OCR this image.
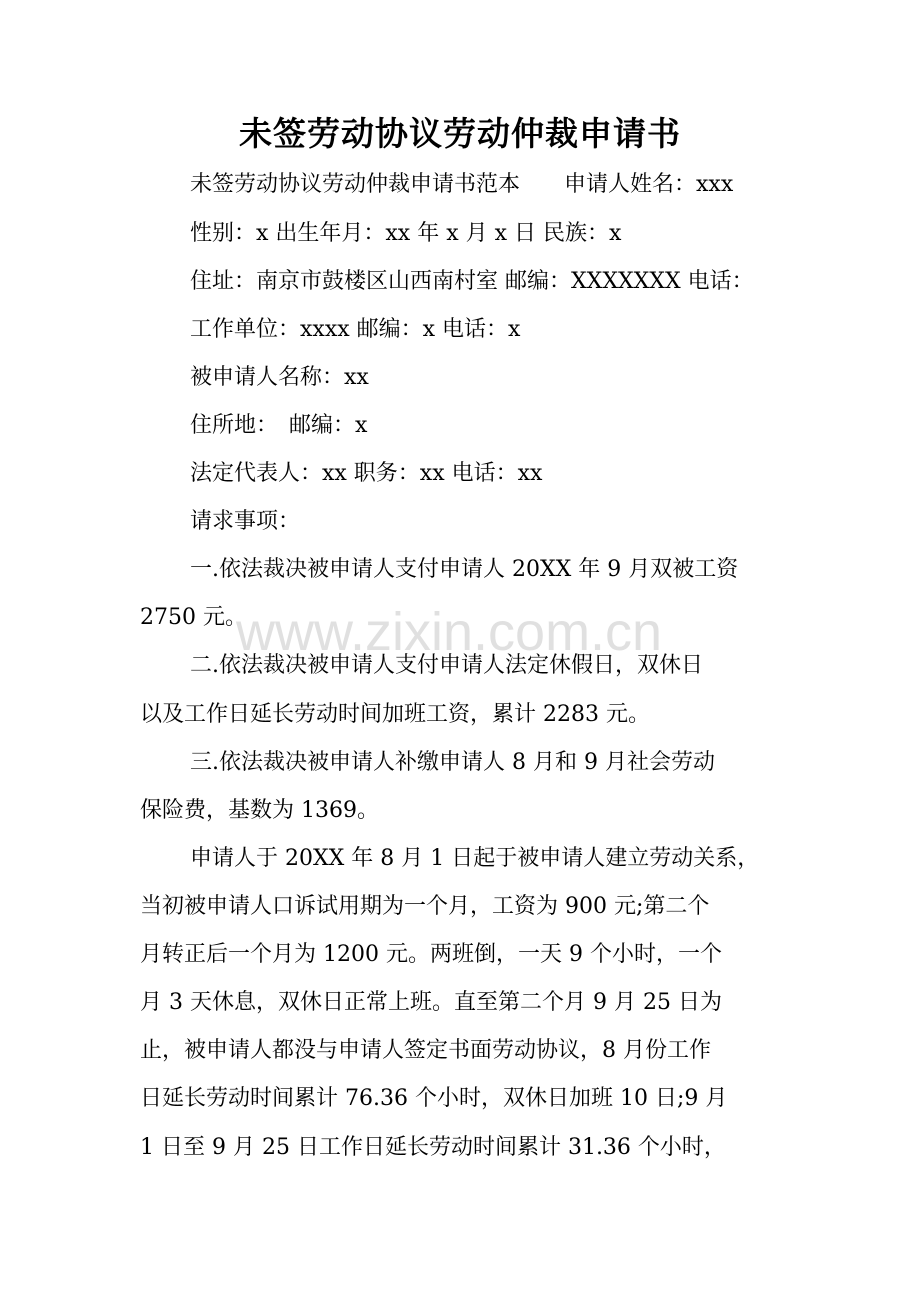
未签劳动协议劳动仲裁申请书
未签劳动协议劳动仲裁申请书范本　　申请人姓名：xxx
性别：x 出生年月：xx 年 x 月 x 日 民族：x
住址：南京市鼓楼区山西南村室 邮编：XXXXXXX 电话：
工作单位：xxxx 邮编：x 电话：x
被申请人名称：xx
住所地：　邮编：x
法定代表人：xx 职务：xx 电话：xx
请求事项：
一.依法裁决被申请人支付申请人 20XX 年 9 月双被工资
2750 元。
二.依法裁决被申请人支付申请人法定休假日，双休日
以及工作日延长劳动时间加班工资，累计 2283 元。
三.依法裁决被申请人补缴申请人 8 月和 9 月社会劳动
保险费，基数为 1369。
申请人于 20XX 年 8 月 1 日起于被申请人建立劳动关系，
当初被申请人口诉试用期为一个月，工资为 900 元;第二个
月转正后一个月为 1200 元。两班倒，一天 9 个小时，一个
月 3 天休息，双休日正常上班。直至第二个月 9 月 25 日为
止，被申请人都没与申请人签定书面劳动协议，8 月份工作
日延长劳动时间累计 76.36 个小时，双休日加班 10 日;9 月
1 日至 9 月 25 日工作日延长劳动时间累计 31.36 个小时，
www.zixin.com.cn
